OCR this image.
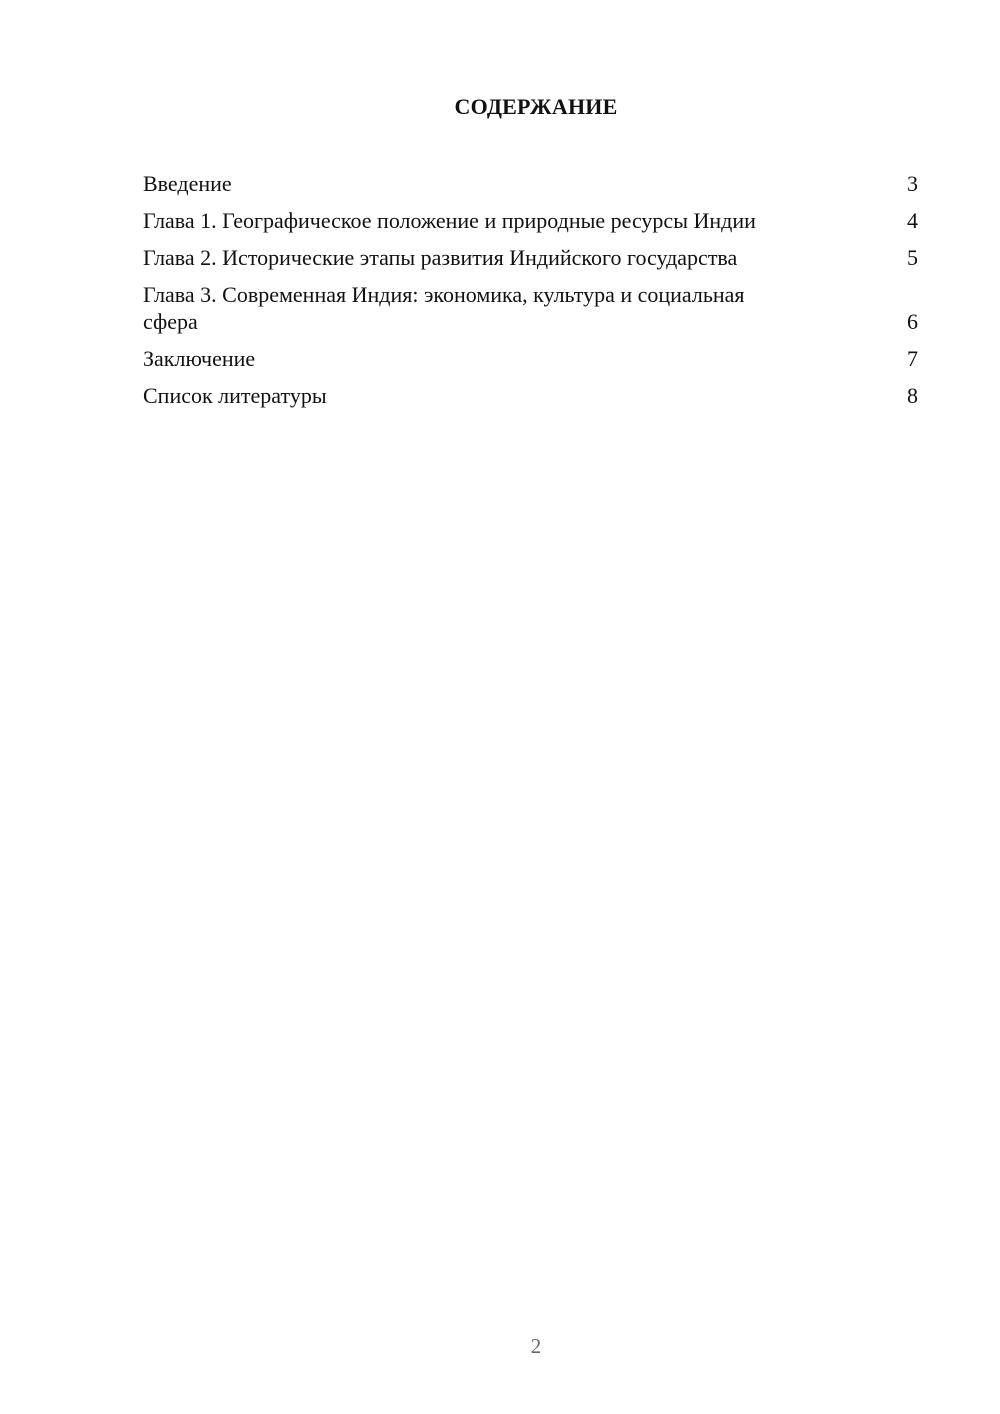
СОДЕРЖАНИЕ
Введение	3
Глава 1. Географическое положение и природные ресурсы Индии	4
Глава 2. Исторические этапы развития Индийского государства	5
Глава 3. Современная Индия: экономика, культура и социальная сфера	6
Заключение	7
Список литературы	8
2
